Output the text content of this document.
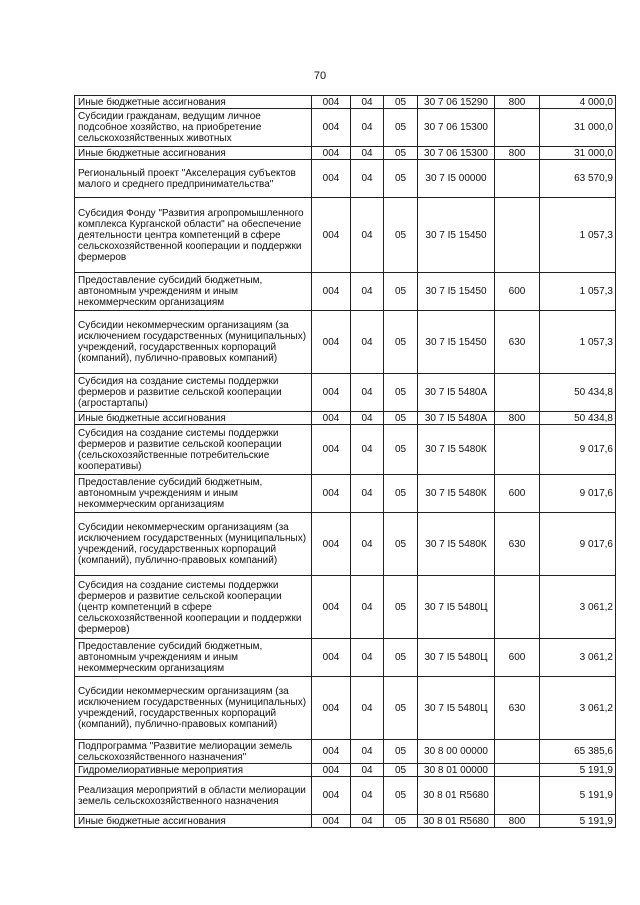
70
Иные бюджетные ассигнования	004	04	05	30 7 06 15290	800	4 000,0
Субсидии гражданам, ведущим личное подсобное хозяйство, на приобретение сельскохозяйственных животных	004	04	05	30 7 06 15300		31 000,0
Иные бюджетные ассигнования	004	04	05	30 7 06 15300	800	31 000,0
Региональный проект "Акселерация субъектов малого и среднего предпринимательства"	004	04	05	30 7 I5 00000		63 570,9
Субсидия Фонду "Развития агропромышленного комплекса Курганской области" на обеспечение деятельности центра компетенций в сфере сельскохозяйственной кооперации и поддержки фермеров	004	04	05	30 7 I5 15450		1 057,3
Предоставление субсидий бюджетным, автономным учреждениям и иным некоммерческим организациям	004	04	05	30 7 I5 15450	600	1 057,3
Субсидии некоммерческим организациям (за исключением государственных (муниципальных) учреждений, государственных корпораций (компаний), публично-правовых компаний)	004	04	05	30 7 I5 15450	630	1 057,3
Субсидия на создание системы поддержки фермеров и развитие сельской кооперации (агростартапы)	004	04	05	30 7 I5 5480А		50 434,8
Иные бюджетные ассигнования	004	04	05	30 7 I5 5480А	800	50 434,8
Субсидия на создание системы поддержки фермеров и развитие сельской кооперации (сельскохозяйственные потребительские кооперативы)	004	04	05	30 7 I5 5480К		9 017,6
Предоставление субсидий бюджетным, автономным учреждениям и иным некоммерческим организациям	004	04	05	30 7 I5 5480К	600	9 017,6
Субсидии некоммерческим организациям (за исключением государственных (муниципальных) учреждений, государственных корпораций (компаний), публично-правовых компаний)	004	04	05	30 7 I5 5480К	630	9 017,6
Субсидия на создание системы поддержки фермеров и развитие сельской кооперации (центр компетенций в сфере сельскохозяйственной кооперации и поддержки фермеров)	004	04	05	30 7 I5 5480Ц		3 061,2
Предоставление субсидий бюджетным, автономным учреждениям и иным некоммерческим организациям	004	04	05	30 7 I5 5480Ц	600	3 061,2
Субсидии некоммерческим организациям (за исключением государственных (муниципальных) учреждений, государственных корпораций (компаний), публично-правовых компаний)	004	04	05	30 7 I5 5480Ц	630	3 061,2
Подпрограмма "Развитие мелиорации земель сельскохозяйственного назначения"	004	04	05	30 8 00 00000		65 385,6
Гидромелиоративные мероприятия	004	04	05	30 8 01 00000		5 191,9
Реализация мероприятий в области мелиорации земель сельскохозяйственного назначения	004	04	05	30 8 01 R5680		5 191,9
Иные бюджетные ассигнования	004	04	05	30 8 01 R5680	800	5 191,9
